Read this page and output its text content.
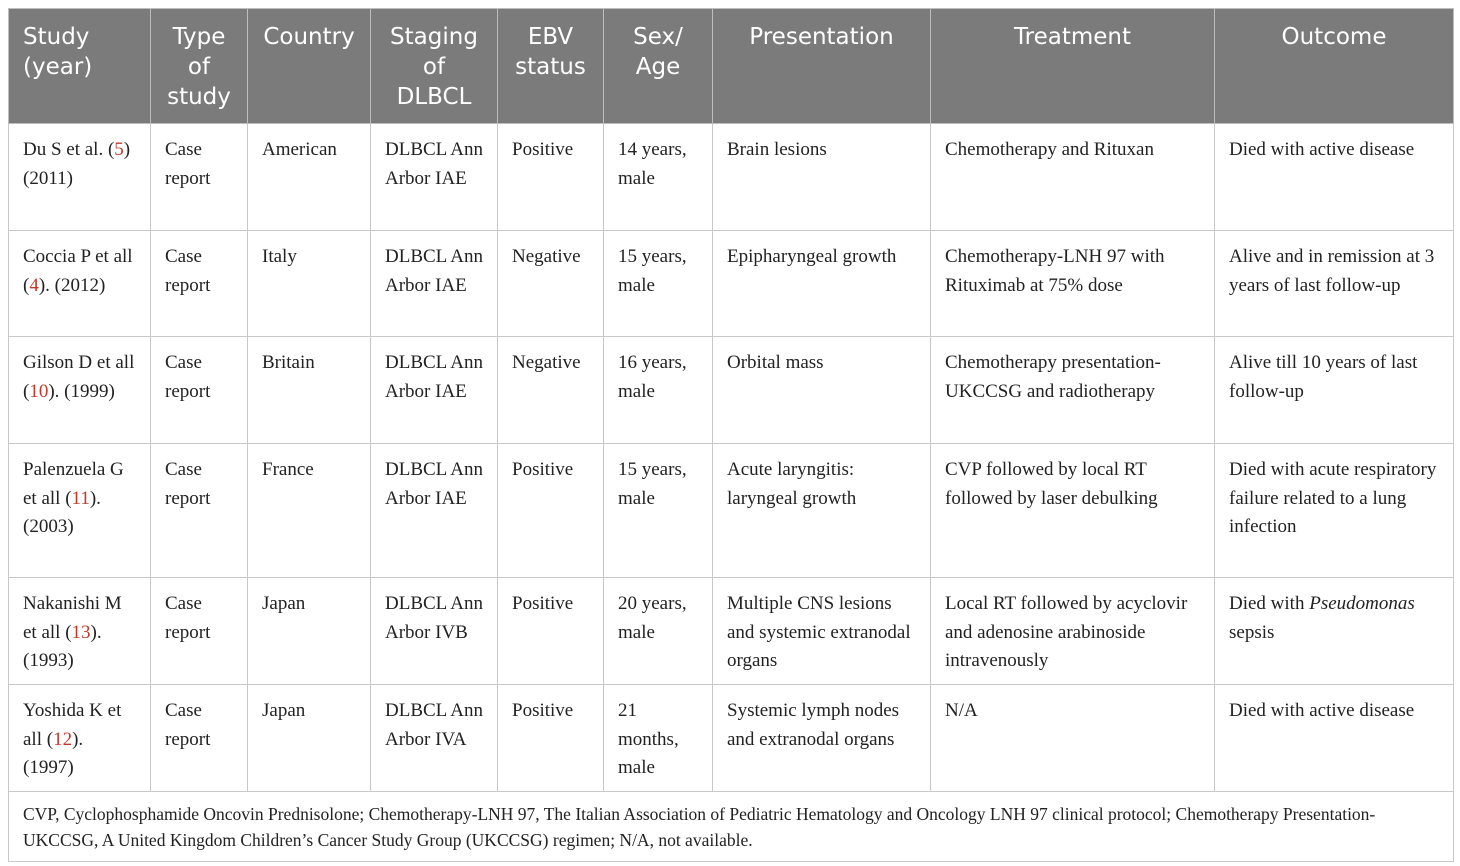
Study (year)	Type of study	Country	Staging of DLBCL	EBV status	Sex/ Age	Presentation	Treatment	Outcome
Du S et al. (5) (2011)	Case report	American	DLBCL Ann Arbor IAE	Positive	14 years, male	Brain lesions	Chemotherapy and Rituxan	Died with active disease
Coccia P et all (4). (2012)	Case report	Italy	DLBCL Ann Arbor IAE	Negative	15 years, male	Epipharyngeal growth	Chemotherapy-LNH 97 with Rituximab at 75% dose	Alive and in remission at 3 years of last follow-up
Gilson D et all (10). (1999)	Case report	Britain	DLBCL Ann Arbor IAE	Negative	16 years, male	Orbital mass	Chemotherapy presentation-UKCCSG and radiotherapy	Alive till 10 years of last follow-up
Palenzuela G et all (11). (2003)	Case report	France	DLBCL Ann Arbor IAE	Positive	15 years, male	Acute laryngitis: laryngeal growth	CVP followed by local RT followed by laser debulking	Died with acute respiratory failure related to a lung infection
Nakanishi M et all (13). (1993)	Case report	Japan	DLBCL Ann Arbor IVB	Positive	20 years, male	Multiple CNS lesions and systemic extranodal organs	Local RT followed by acyclovir and adenosine arabinoside intravenously	Died with Pseudomonas sepsis
Yoshida K et all (12). (1997)	Case report	Japan	DLBCL Ann Arbor IVA	Positive	21 months, male	Systemic lymph nodes and extranodal organs	N/A	Died with active disease
CVP, Cyclophosphamide Oncovin Prednisolone; Chemotherapy-LNH 97, The Italian Association of Pediatric Hematology and Oncology LNH 97 clinical protocol; Chemotherapy Presentation-UKCCSG, A United Kingdom Children’s Cancer Study Group (UKCCSG) regimen; N/A, not available.								
